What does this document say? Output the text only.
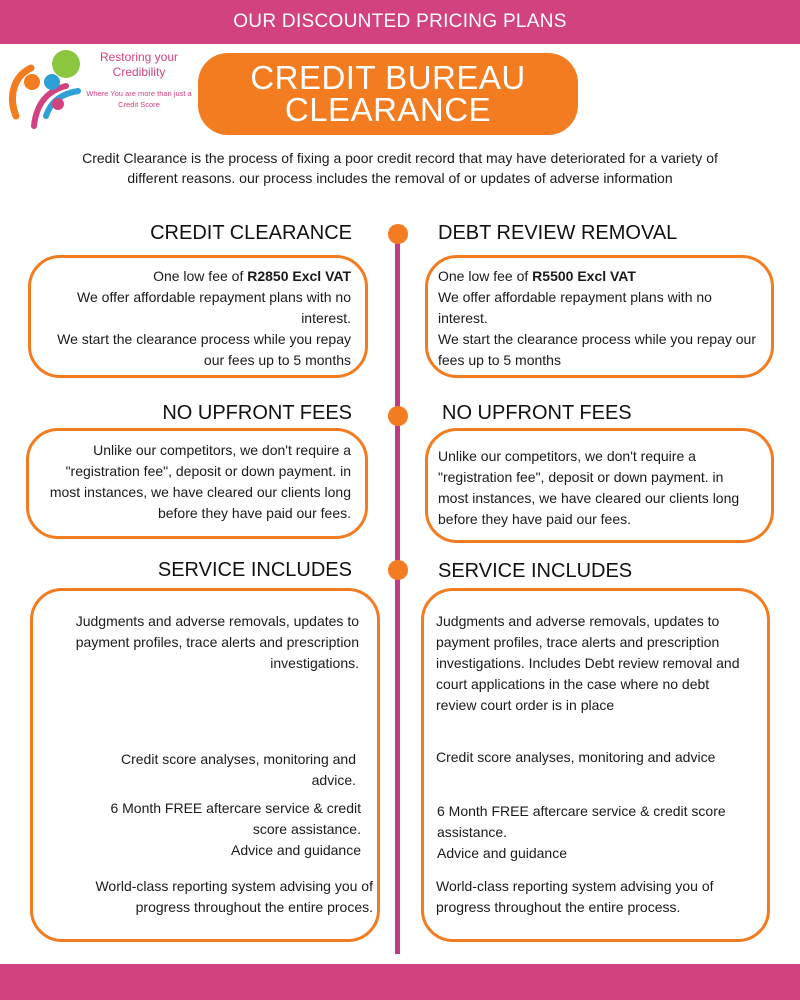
OUR DISCOUNTED PRICING PLANS
Restoring your Credibility
Where You are more than just a Credit Score
CREDIT BUREAU
CLEARANCE
Credit Clearance is the process of fixing a poor credit record that may have deteriorated for a variety of different reasons. our process includes the removal of or updates of adverse information
CREDIT CLEARANCE	DEBT REVIEW REMOVAL

One low fee of R2850 Excl VAT

We offer affordable repayment plans with no interest.

We start the clearance process while you repay our fees up to 5 months

One low fee of R5500 Excl VAT

We offer affordable repayment plans with no interest.

We start the clearance process while you repay our fees up to 5 months

NO UPFRONT FEES	NO UPFRONT FEES

Unlike our competitors, we don't require a "registration fee", deposit or down payment. in most instances, we have cleared our clients long before they have paid our fees.

Unlike our competitors, we don't require a "registration fee", deposit or down payment. in most instances, we have cleared our clients long before they have paid our fees.

SERVICE INCLUDES	SERVICE INCLUDES

Judgments and adverse removals, updates to payment profiles, trace alerts and prescription investigations.

Credit score analyses, monitoring and advice.

6 Month FREE aftercare service & credit score assistance.

Advice and guidance

World-class reporting system advising you of progress throughout the entire proces.

Judgments and adverse removals, updates to payment profiles, trace alerts and prescription investigations. Includes Debt review removal and court applications in the case where no debt review court order is in place

Credit score analyses, monitoring and advice

6 Month FREE aftercare service & credit score assistance.

Advice and guidance

World-class reporting system advising you of progress throughout the entire process.
